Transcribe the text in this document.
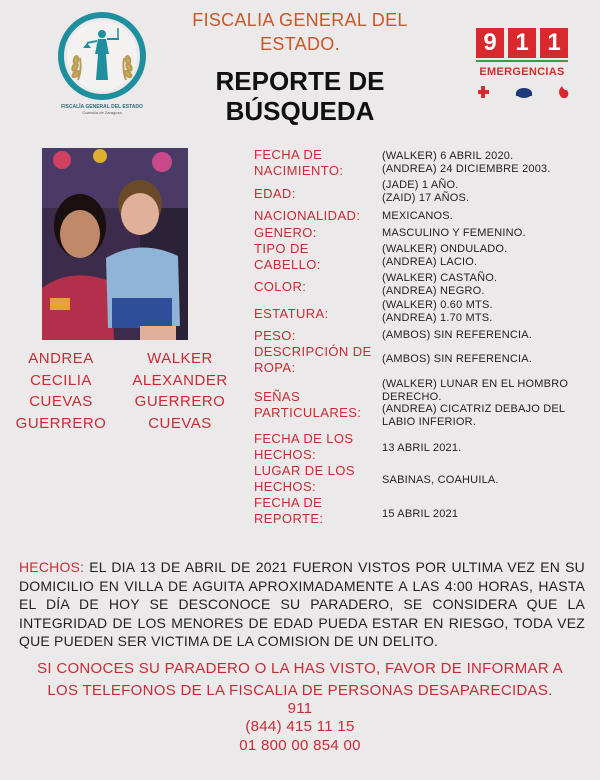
FISCALÍA GENERAL DEL ESTADO
Coahuila de Zaragoza
FISCALIA GENERAL DEL
ESTADO.
REPORTE DE
BÚSQUEDA
9 1 1
EMERGENCIAS
ANDREA
CECILIA
CUEVAS
GUERRERO
WALKER
ALEXANDER
GUERRERO
CUEVAS
FECHA DE
NACIMIENTO:
EDAD:
NACIONALIDAD:
GENERO:
TIPO DE
CABELLO:
COLOR:
ESTATURA:
PESO:
DESCRIPCIÓN DE
ROPA:
SEÑAS
PARTICULARES:
FECHA DE LOS
HECHOS:
LUGAR DE LOS
HECHOS:
FECHA DE
REPORTE:
(WALKER) 6 ABRIL 2020.
(ANDREA) 24 DICIEMBRE 2003.
(JADE) 1 AÑO.
(ZAID) 17 AÑOS.
MEXICANOS.
MASCULINO Y FEMENINO.
(WALKER) ONDULADO.
(ANDREA) LACIO.
(WALKER) CASTAÑO.
(ANDREA) NEGRO.
(WALKER) 0.60 MTS.
(ANDREA) 1.70 MTS.
(AMBOS) SIN REFERENCIA.
(AMBOS) SIN REFERENCIA.
(WALKER) LUNAR EN EL HOMBRO
DERECHO.
(ANDREA) CICATRIZ DEBAJO DEL
LABIO INFERIOR.
13 ABRIL 2021.
SABINAS, COAHUILA.
15 ABRIL 2021
HECHOS: EL DIA 13 DE ABRIL DE 2021 FUERON VISTOS POR ULTIMA VEZ EN SU DOMICILIO EN VILLA DE AGUITA APROXIMADAMENTE A LAS 4:00 HORAS, HASTA EL DÍA DE HOY SE DESCONOCE SU PARADERO, SE CONSIDERA QUE LA INTEGRIDAD DE LOS MENORES DE EDAD PUEDA ESTAR EN RIESGO, TODA VEZ QUE PUEDEN SER VICTIMA DE LA COMISION DE UN DELITO.
SI CONOCES SU PARADERO O LA HAS VISTO, FAVOR DE INFORMAR A
LOS TELEFONOS DE LA FISCALIA DE PERSONAS DESAPARECIDAS.
911
(844) 415 11 15
01 800 00 854 00
